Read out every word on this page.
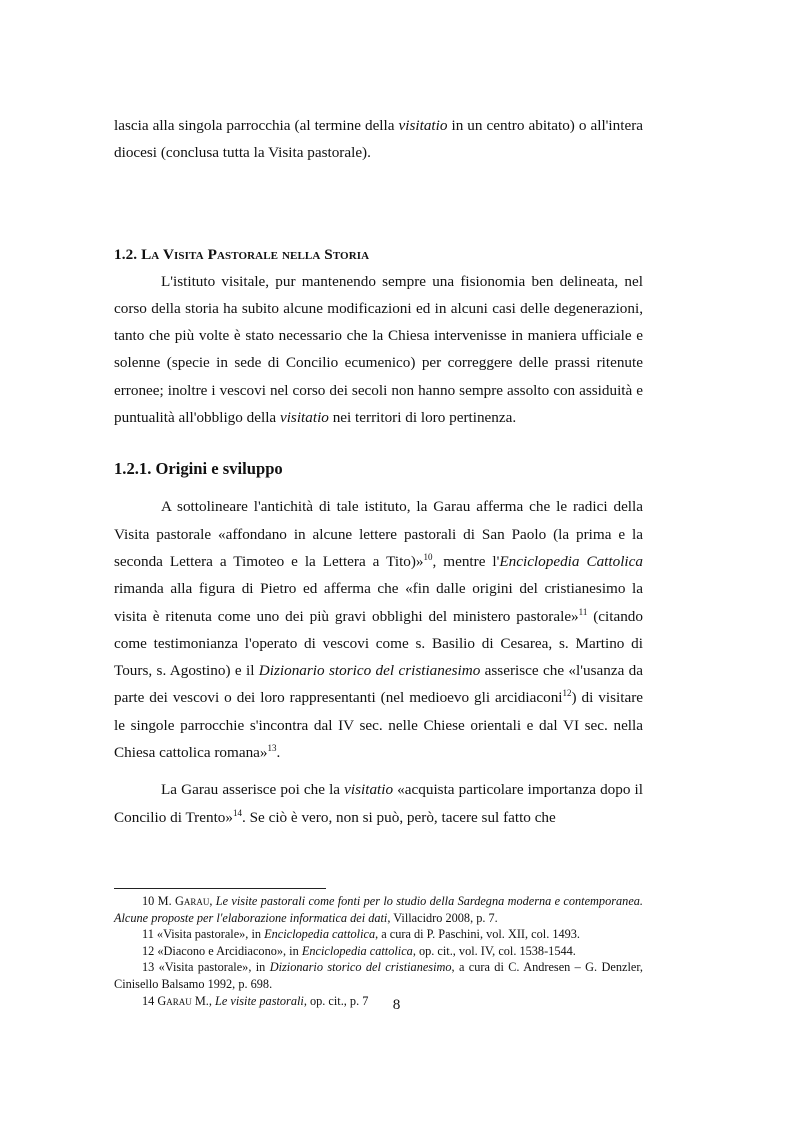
lascia alla singola parrocchia (al termine della visitatio in un centro abitato) o all'intera diocesi (conclusa tutta la Visita pastorale).

1.2. La Visita Pastorale nella Storia

L'istituto visitale, pur mantenendo sempre una fisionomia ben delineata, nel corso della storia ha subito alcune modificazioni ed in alcuni casi delle degenerazioni, tanto che più volte è stato necessario che la Chiesa intervenisse in maniera ufficiale e solenne (specie in sede di Concilio ecumenico) per correggere delle prassi ritenute erronee; inoltre i vescovi nel corso dei secoli non hanno sempre assolto con assiduità e puntualità all'obbligo della visitatio nei territori di loro pertinenza.

1.2.1. Origini e sviluppo

A sottolineare l'antichità di tale istituto, la Garau afferma che le radici della Visita pastorale «affondano in alcune lettere pastorali di San Paolo (la prima e la seconda Lettera a Timoteo e la Lettera a Tito)»$^{10}$, mentre l'Enciclopedia Cattolica rimanda alla figura di Pietro ed afferma che «fin dalle origini del cristianesimo la visita è ritenuta come uno dei più gravi obblighi del ministero pastorale»$^{11}$ (citando come testimonianza l'operato di vescovi come s. Basilio di Cesarea, s. Martino di Tours, s. Agostino) e il Dizionario storico del cristianesimo asserisce che «l'usanza da parte dei vescovi o dei loro rappresentanti (nel medioevo gli arcidiaconi$^{12}$) di visitare le singole parrocchie s'incontra dal IV sec. nelle Chiese orientali e dal VI sec. nella Chiesa cattolica romana»$^{13}$.

La Garau asserisce poi che la visitatio «acquista particolare importanza dopo il Concilio di Trento»$^{14}$. Se ciò è vero, non si può, però, tacere sul fatto che

10 M. Garau, Le visite pastorali come fonti per lo studio della Sardegna moderna e contemporanea. Alcune proposte per l'elaborazione informatica dei dati, Villacidro 2008, p. 7.

11 «Visita pastorale», in Enciclopedia cattolica, a cura di P. Paschini, vol. XII, col. 1493.

12 «Diacono e Arcidiacono», in Enciclopedia cattolica, op. cit., vol. IV, col. 1538-1544.

13 «Visita pastorale», in Dizionario storico del cristianesimo, a cura di C. Andresen – G. Denzler, Cinisello Balsamo 1992, p. 698.

14 Garau M., Le visite pastorali, op. cit., p. 7	8
